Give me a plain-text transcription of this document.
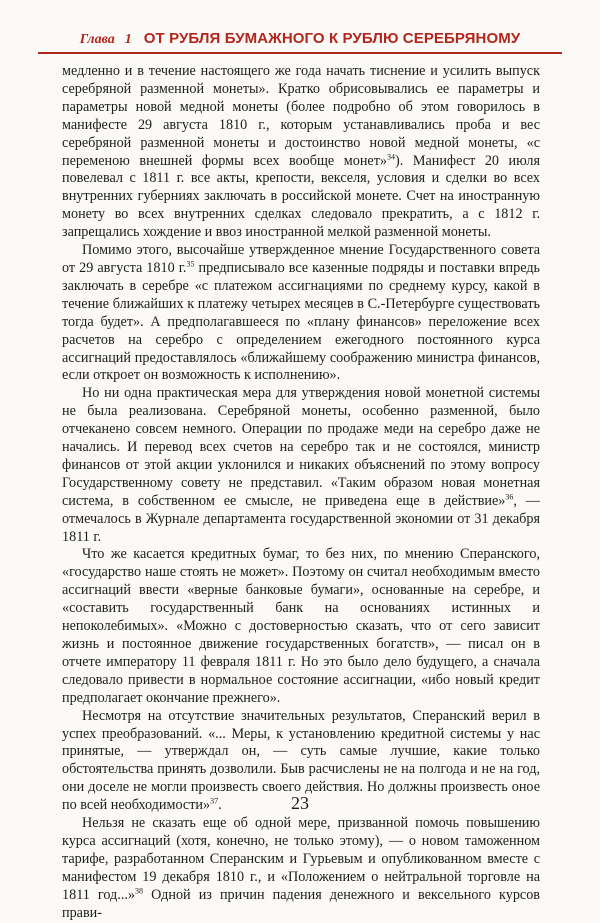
Глава 1 ОТ РУБЛЯ БУМАЖНОГО К РУБЛЮ СЕРЕБРЯНОМУ

медленно и в течение настоящего же года начать тиснение и усилить выпуск серебряной разменной монеты». Кратко обрисовывались ее параметры и параметры новой медной монеты (более подробно об этом говорилось в манифесте 29 августа 1810 г., которым устанавливались проба и вес серебряной разменной монеты и достоинство новой медной монеты, «с переменою внешней формы всех вообще монет»$^{34}$). Манифест 20 июля повелевал с 1811 г. все акты, крепости, векселя, условия и сделки во всех внутренних губерниях заключать в российской монете. Счет на иностранную монету во всех внутренних сделках следовало прекратить, а с 1812 г. запрещались хождение и ввоз иностранной мелкой разменной монеты.

Помимо этого, высочайше утвержденное мнение Государственного совета от 29 августа 1810 г.$^{35}$ предписывало все казенные подряды и поставки впредь заключать в серебре «с платежом ассигнациями по среднему курсу, какой в течение ближайших к платежу четырех месяцев в С.-Петербурге существовать тогда будет». А предполагавшееся по «плану финансов» переложение всех расчетов на серебро с определением ежегодного постоянного курса ассигнаций предоставлялось «ближайшему соображению министра финансов, если откроет он возможность к исполнению».

Но ни одна практическая мера для утверждения новой монетной системы не была реализована. Серебряной монеты, особенно разменной, было отчеканено совсем немного. Операции по продаже меди на серебро даже не начались. И перевод всех счетов на серебро так и не состоялся, министр финансов от этой акции уклонился и никаких объяснений по этому вопросу Государственному совету не представил. «Таким образом новая монетная система, в собственном ее смысле, не приведена еще в действие»$^{36}$, — отмечалось в Журнале департамента государственной экономии от 31 декабря 1811 г.

Что же касается кредитных бумаг, то без них, по мнению Сперанского, «государство наше стоять не может». Поэтому он считал необходимым вместо ассигнаций ввести «верные банковые бумаги», основанные на серебре, и «составить государственный банк на основаниях истинных и непоколебимых». «Можно с достоверностью сказать, что от сего зависит жизнь и постоянное движение государственных богатств», — писал он в отчете императору 11 февраля 1811 г. Но это было дело будущего, а сначала следовало привести в нормальное состояние ассигнации, «ибо новый кредит предполагает окончание прежнего».

Несмотря на отсутствие значительных результатов, Сперанский верил в успех преобразований. «... Меры, к установлению кредитной системы у нас принятые, — утверждал он, — суть самые лучшие, какие только обстоятельства принять дозволили. Быв расчислены не на полгода и не на год, они доселе не могли произвесть своего действия. Но должны произвесть оное по всей необходимости»$^{37}$.

Нельзя не сказать еще об одной мере, призванной помочь повышению курса ассигнаций (хотя, конечно, не только этому), — о новом таможенном тарифе, разработанном Сперанским и Гурьевым и опубликованном вместе с манифестом 19 декабря 1810 г., и «Положением о нейтральной торговле на 1811 год...»$^{38}$ Одной из причин падения денежного и вексельного курсов прави-

23
